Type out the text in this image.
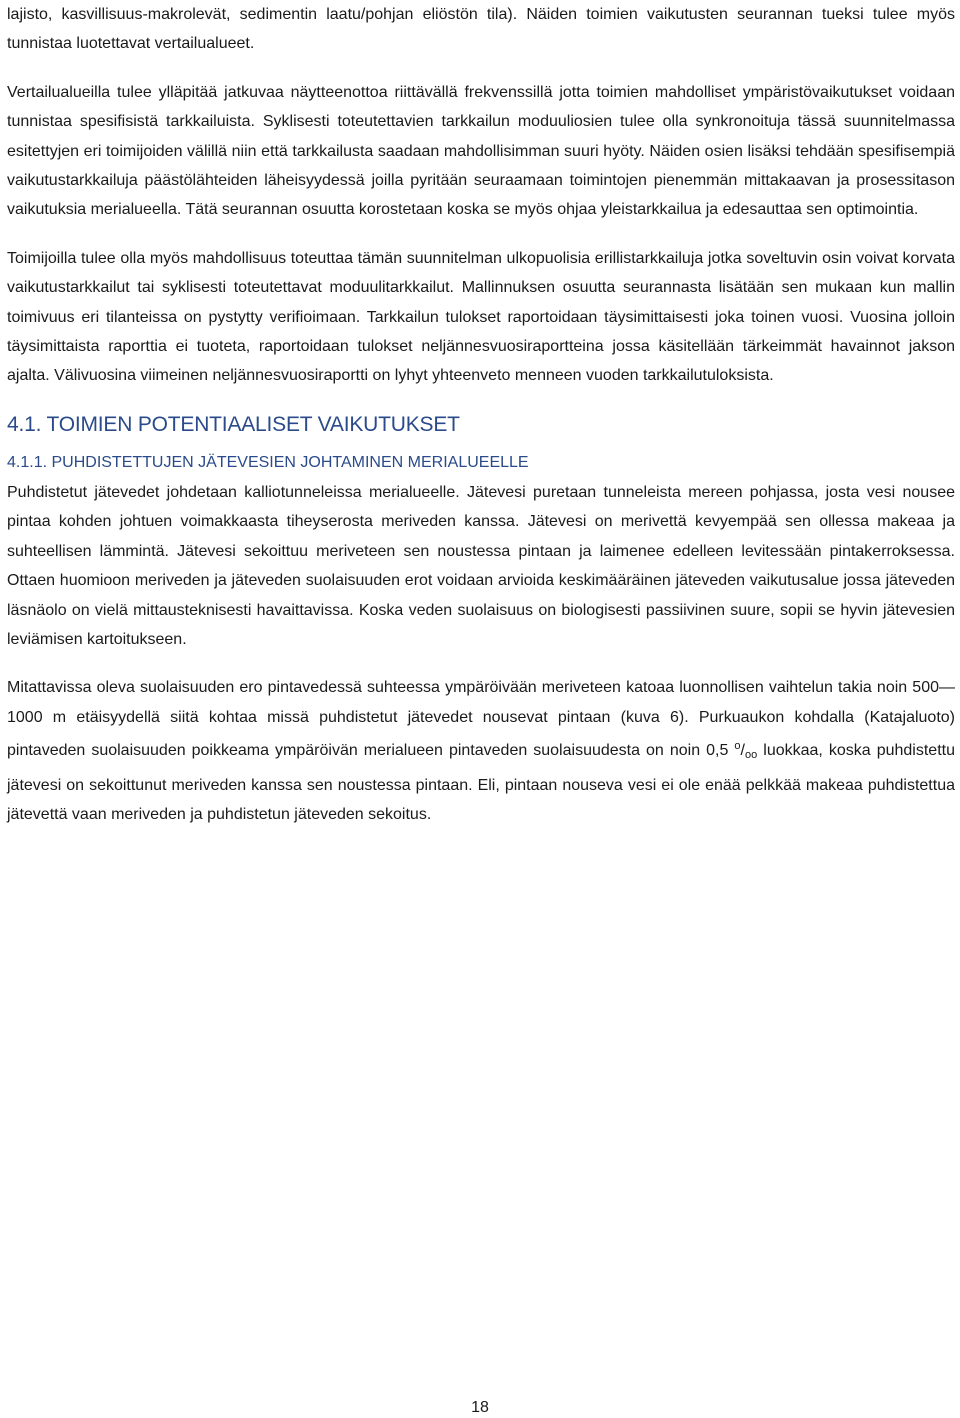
lajisto, kasvillisuus-makrolevät, sedimentin laatu/pohjan eliöstön tila). Näiden toimien vaikutusten seurannan tueksi tulee myös tunnistaa luotettavat vertailualueet.

Vertailualueilla tulee ylläpitää jatkuvaa näytteenottoa riittävällä frekvenssillä jotta toimien mahdolliset ympäristövaikutukset voidaan tunnistaa spesifisistä tarkkailuista. Syklisesti toteutettavien tarkkailun moduuliosien tulee olla synkronoituja tässä suunnitelmassa esitettyjen eri toimijoiden välillä niin että tarkkailusta saadaan mahdollisimman suuri hyöty. Näiden osien lisäksi tehdään spesifisempiä vaikutustarkkailuja päästölähteiden läheisyydessä joilla pyritään seuraamaan toimintojen pienemmän mittakaavan ja prosessitason vaikutuksia merialueella. Tätä seurannan osuutta korostetaan koska se myös ohjaa yleistarkkailua ja edesauttaa sen optimointia.

Toimijoilla tulee olla myös mahdollisuus toteuttaa tämän suunnitelman ulkopuolisia erillistarkkailuja jotka soveltuvin osin voivat korvata vaikutustarkkailut tai syklisesti toteutettavat moduulitarkkailut. Mallinnuksen osuutta seurannasta lisätään sen mukaan kun mallin toimivuus eri tilanteissa on pystytty verifioimaan. Tarkkailun tulokset raportoidaan täysimittaisesti joka toinen vuosi. Vuosina jolloin täysimittaista raporttia ei tuoteta, raportoidaan tulokset neljännesvuosiraportteina jossa käsitellään tärkeimmät havainnot jakson ajalta. Välivuosina viimeinen neljännesvuosiraportti on lyhyt yhteenveto menneen vuoden tarkkailutuloksista.

4.1. TOIMIEN POTENTIAALISET VAIKUTUKSET
4.1.1. PUHDISTETTUJEN JÄTEVESIEN JOHTAMINEN MERIALUEELLE

Puhdistetut jätevedet johdetaan kalliotunneleissa merialueelle. Jätevesi puretaan tunneleista mereen pohjassa, josta vesi nousee pintaa kohden johtuen voimakkaasta tiheyserosta meriveden kanssa. Jätevesi on merivettä kevyempää sen ollessa makeaa ja suhteellisen lämmintä. Jätevesi sekoittuu meriveteen sen noustessa pintaan ja laimenee edelleen levitessään pintakerroksessa. Ottaen huomioon meriveden ja jäteveden suolaisuuden erot voidaan arvioida keskimääräinen jäteveden vaikutusalue jossa jäteveden läsnäolo on vielä mittausteknisesti havaittavissa. Koska veden suolaisuus on biologisesti passiivinen suure, sopii se hyvin jätevesien leviämisen kartoitukseen.

Mitattavissa oleva suolaisuuden ero pintavedessä suhteessa ympäröivään meriveteen katoaa luonnollisen vaihtelun takia noin 500—1000 m etäisyydellä siitä kohtaa missä puhdistetut jätevedet nousevat pintaan (kuva 6). Purkuaukon kohdalla (Katajaluoto) pintaveden suolaisuuden poikkeama ympäröivän merialueen pintaveden suolaisuudesta on noin 0,5 $^o/_{oo}$ luokkaa, koska puhdistettu jätevesi on sekoittunut meriveden kanssa sen noustessa pintaan. Eli, pintaan nouseva vesi ei ole enää pelkkää makeaa puhdistettua jätevettä vaan meriveden ja puhdistetun jäteveden sekoitus.

18
